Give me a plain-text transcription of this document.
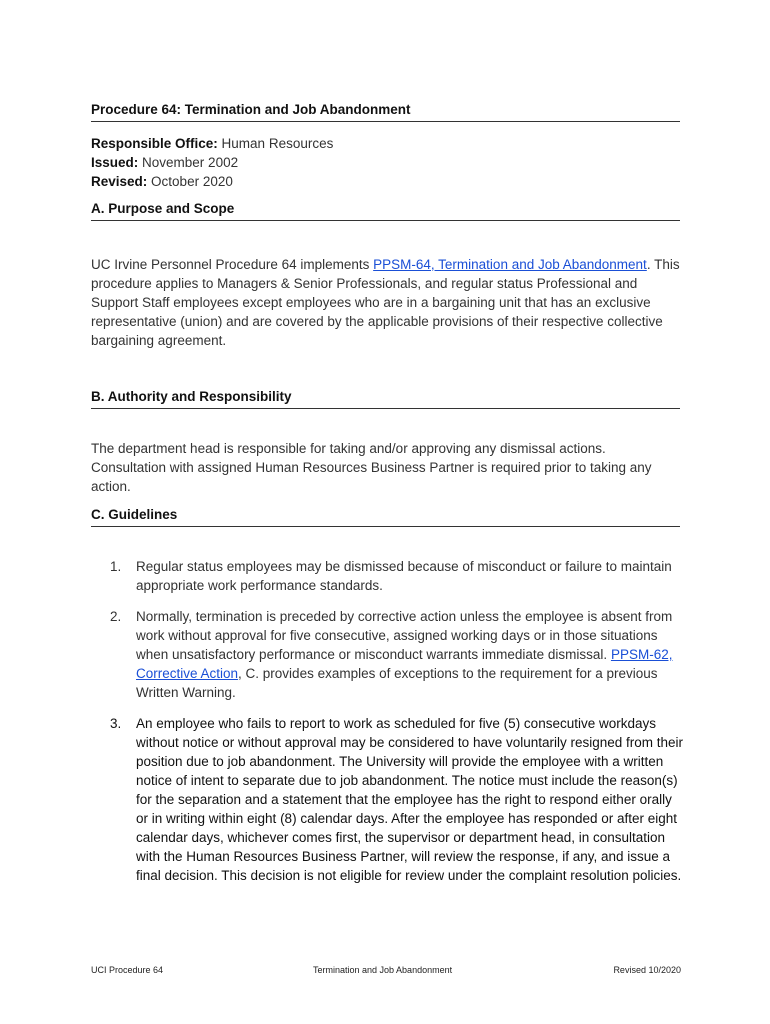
Procedure 64: Termination and Job Abandonment
Responsible Office: Human Resources
Issued: November 2002
Revised: October 2020
A. Purpose and Scope
UC Irvine Personnel Procedure 64 implements PPSM-64, Termination and Job Abandonment. This procedure applies to Managers & Senior Professionals, and regular status Professional and Support Staff employees except employees who are in a bargaining unit that has an exclusive representative (union) and are covered by the applicable provisions of their respective collective bargaining agreement.
B. Authority and Responsibility
The department head is responsible for taking and/or approving any dismissal actions. Consultation with assigned Human Resources Business Partner is required prior to taking any action.
C. Guidelines
1. Regular status employees may be dismissed because of misconduct or failure to maintain appropriate work performance standards.
2. Normally, termination is preceded by corrective action unless the employee is absent from work without approval for five consecutive, assigned working days or in those situations when unsatisfactory performance or misconduct warrants immediate dismissal. PPSM-62, Corrective Action, C. provides examples of exceptions to the requirement for a previous Written Warning.
3. An employee who fails to report to work as scheduled for five (5) consecutive workdays without notice or without approval may be considered to have voluntarily resigned from their position due to job abandonment. The University will provide the employee with a written notice of intent to separate due to job abandonment. The notice must include the reason(s) for the separation and a statement that the employee has the right to respond either orally or in writing within eight (8) calendar days. After the employee has responded or after eight calendar days, whichever comes first, the supervisor or department head, in consultation with the Human Resources Business Partner, will review the response, if any, and issue a final decision. This decision is not eligible for review under the complaint resolution policies.
UCI Procedure 64	Termination and Job Abandonment	Revised 10/2020
